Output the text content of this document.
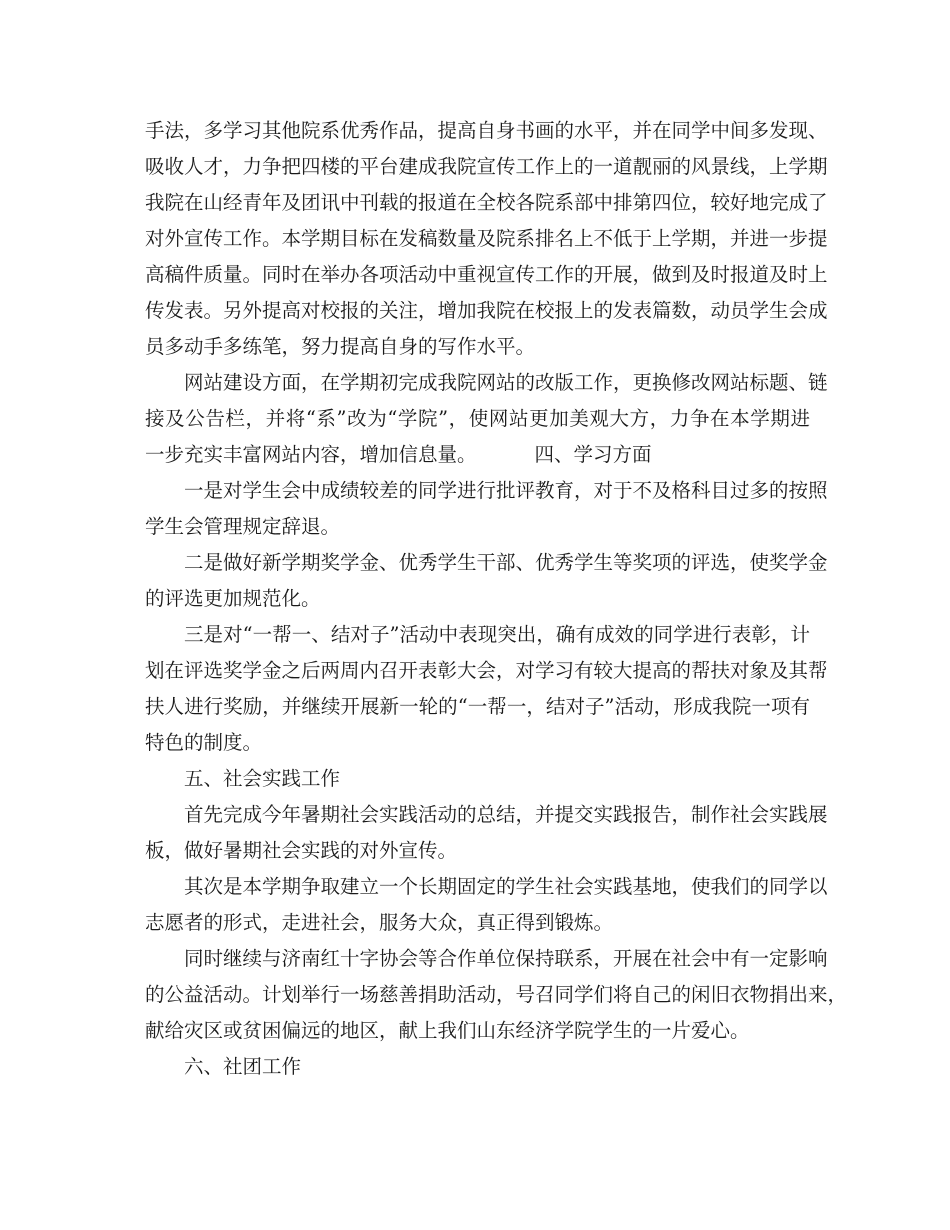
手法，多学习其他院系优秀作品，提高自身书画的水平，并在同学中间多发现、
吸收人才，力争把四楼的平台建成我院宣传工作上的一道靓丽的风景线，上学期
我院在山经青年及团讯中刊载的报道在全校各院系部中排第四位，较好地完成了
对外宣传工作。本学期目标在发稿数量及院系排名上不低于上学期，并进一步提
高稿件质量。同时在举办各项活动中重视宣传工作的开展，做到及时报道及时上
传发表。另外提高对校报的关注，增加我院在校报上的发表篇数，动员学生会成
员多动手多练笔，努力提高自身的写作水平。
网站建设方面，在学期初完成我院网站的改版工作，更换修改网站标题、链
接及公告栏，并将“系”改为“学院”，使网站更加美观大方，力争在本学期进
一步充实丰富网站内容，增加信息量。	四、学习方面
一是对学生会中成绩较差的同学进行批评教育，对于不及格科目过多的按照
学生会管理规定辞退。
二是做好新学期奖学金、优秀学生干部、优秀学生等奖项的评选，使奖学金
的评选更加规范化。
三是对“一帮一、结对子”活动中表现突出，确有成效的同学进行表彰，计
划在评选奖学金之后两周内召开表彰大会，对学习有较大提高的帮扶对象及其帮
扶人进行奖励，并继续开展新一轮的“一帮一，结对子”活动，形成我院一项有
特色的制度。
五、社会实践工作
首先完成今年暑期社会实践活动的总结，并提交实践报告，制作社会实践展
板，做好暑期社会实践的对外宣传。
其次是本学期争取建立一个长期固定的学生社会实践基地，使我们的同学以
志愿者的形式，走进社会，服务大众，真正得到锻炼。
同时继续与济南红十字协会等合作单位保持联系，开展在社会中有一定影响
的公益活动。计划举行一场慈善捐助活动，号召同学们将自己的闲旧衣物捐出来，
献给灾区或贫困偏远的地区，献上我们山东经济学院学生的一片爱心。
六、社团工作
